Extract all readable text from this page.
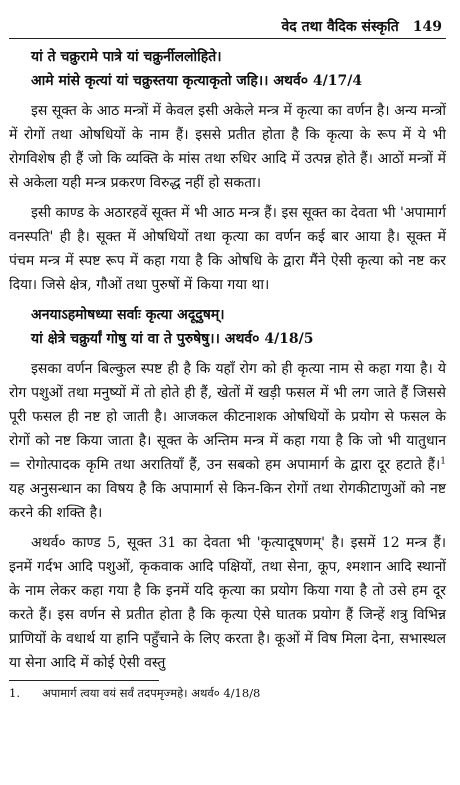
वेद तथा वैदिक संस्कृति 149

यां ते चक्रुरामे पात्रे यां चक्रुर्नीललोहिते।

आमे मांसे कृत्यां यां चक्रुस्तया कृत्याकृतो जहि।। अथर्व० 4/17/4

इस सूक्त के आठ मन्त्रों में केवल इसी अकेले मन्त्र में कृत्या का वर्णन है। अन्य मन्त्रों में रोगों तथा ओषधियों के नाम हैं। इससे प्रतीत होता है कि कृत्या के रूप में ये भी रोगविशेष ही हैं जो कि व्यक्ति के मांस तथा रुधिर आदि में उत्पन्न होते हैं। आठों मन्त्रों में से अकेला यही मन्त्र प्रकरण विरुद्ध नहीं हो सकता।

इसी काण्ड के अठारहवें सूक्त में भी आठ मन्त्र हैं। इस सूक्त का देवता भी 'अपामार्ग वनस्पति' ही है। सूक्त में ओषधियों तथा कृत्या का वर्णन कई बार आया है। सूक्त में पंचम मन्त्र में स्पष्ट रूप में कहा गया है कि ओषधि के द्वारा मैंने ऐसी कृत्या को नष्ट कर दिया। जिसे क्षेत्र, गौओं तथा पुरुषों में किया गया था।

अनयाऽहमोषध्या सर्वाः कृत्या अदूदुषम्।

यां क्षेत्रे चक्रुर्यां गोषु यां वा ते पुरुषेषु।। अथर्व० 4/18/5

इसका वर्णन बिल्कुल स्पष्ट ही है कि यहाँ रोग को ही कृत्या नाम से कहा गया है। ये रोग पशुओं तथा मनुष्यों में तो होते ही हैं, खेतों में खड़ी फसल में भी लग जाते हैं जिससे पूरी फसल ही नष्ट हो जाती है। आजकल कीटनाशक ओषधियों के प्रयोग से फसल के रोगों को नष्ट किया जाता है। सूक्त के अन्तिम मन्त्र में कहा गया है कि जो भी यातुधान = रोगोत्पादक कृमि तथा अरातियाँ हैं, उन सबको हम अपामार्ग के द्वारा दूर हटाते हैं।$^1$ यह अनुसन्धान का विषय है कि अपामार्ग से किन-किन रोगों तथा रोगकीटाणुओं को नष्ट करने की शक्ति है।

अथर्व० काण्ड 5, सूक्त 31 का देवता भी 'कृत्यादूषणम्' है। इसमें 12 मन्त्र हैं। इनमें गर्दभ आदि पशुओं, कृकवाक आदि पक्षियों, तथा सेना, कूप, श्मशान आदि स्थानों के नाम लेकर कहा गया है कि इनमें यदि कृत्या का प्रयोग किया गया है तो उसे हम दूर करते हैं। इस वर्णन से प्रतीत होता है कि कृत्या ऐसे घातक प्रयोग हैं जिन्हें शत्रु विभिन्न प्राणियों के वधार्थ या हानि पहुँचाने के लिए करता है। कूओं में विष मिला देना, सभास्थल या सेना आदि में कोई ऐसी वस्तु

1. अपामार्ग त्वया वयं सर्वं तदपमृज्महे। अथर्व० 4/18/8
